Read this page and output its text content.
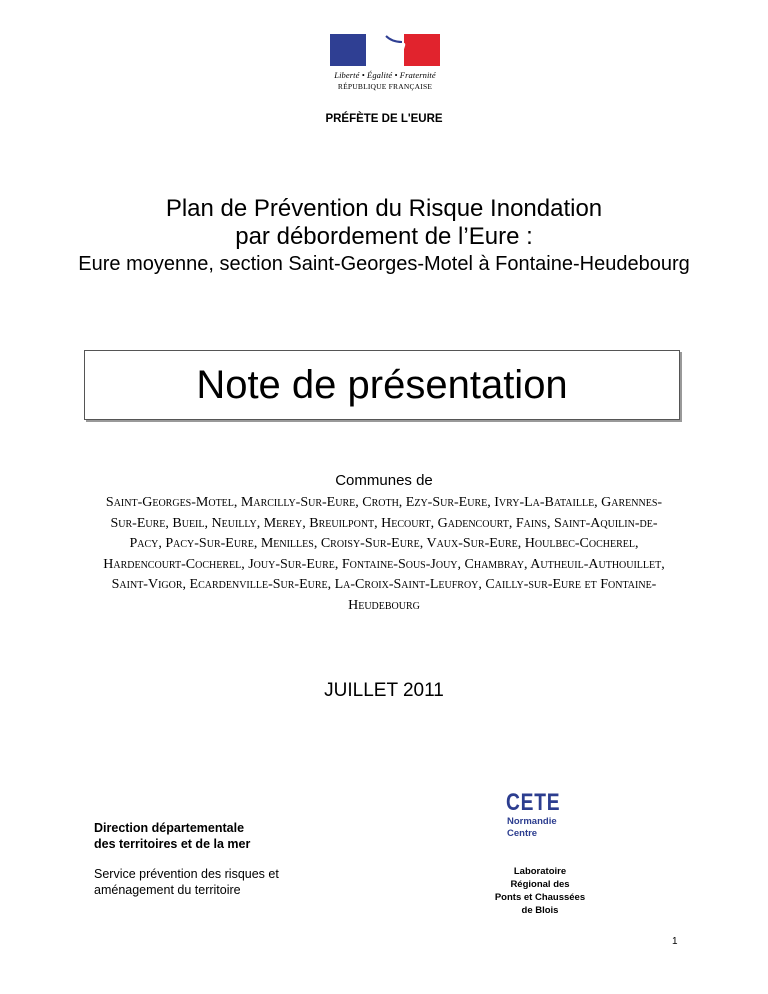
Liberté • Égalité • Fraternité
RÉPUBLIQUE FRANÇAISE
PRÉFÈTE DE L'EURE
Plan de Prévention du Risque Inondation
par débordement de l’Eure :
Eure moyenne, section Saint-Georges-Motel à Fontaine-Heudebourg
Note de présentation
Communes de
Saint-Georges-Motel, Marcilly-Sur-Eure, Croth, Ezy-Sur-Eure, Ivry-La-Bataille, Garennes-Sur-Eure, Bueil, Neuilly, Merey, Breuilpont, Hecourt, Gadencourt, Fains, Saint-Aquilin-de-Pacy, Pacy-Sur-Eure, Menilles, Croisy-Sur-Eure, Vaux-Sur-Eure, Houlbec-Cocherel, Hardencourt-Cocherel, Jouy-Sur-Eure, Fontaine-Sous-Jouy, Chambray, Autheuil-Authouillet, Saint-Vigor, Ecardenville-Sur-Eure, La-Croix-Saint-Leufroy, Cailly-sur-Eure et Fontaine-Heudebourg
JUILLET 2011
Direction départementale
des territoires et de la mer
Service prévention des risques et
aménagement du territoire
CETE
Normandie
Centre
Laboratoire
Régional des
Ponts et Chaussées
de Blois
1
